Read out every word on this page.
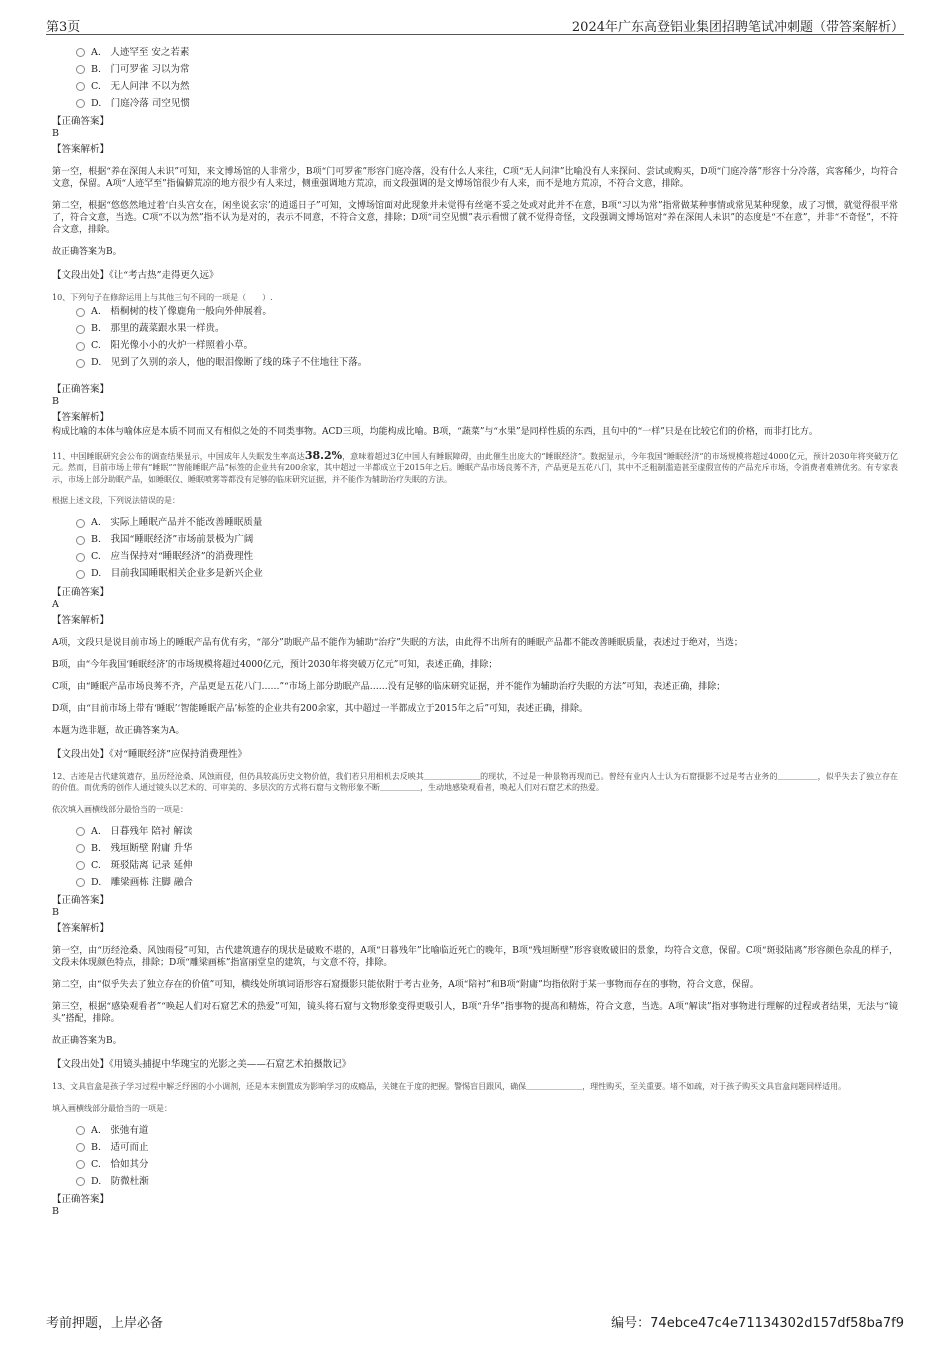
第3页	2024年广东高登铝业集团招聘笔试冲刺题（带答案解析）
A.　人迹罕至 安之若素
B.　门可罗雀 习以为常
C.　无人问津 不以为然
D.　门庭冷落 司空见惯
【正确答案】
B
【答案解析】

第一空，根据“养在深闺人未识”可知，来文博场馆的人非常少，B项“门可罗雀”形容门庭冷落，没有什么人来往，C项“无人问津”比喻没有人来探问、尝试或购买，D项“门庭冷落”形容十分冷落，宾客稀少，均符合文意，保留。A项“人迹罕至”指偏僻荒凉的地方很少有人来过，侧重强调地方荒凉，而文段强调的是文博场馆很少有人来，而不是地方荒凉，不符合文意，排除。

第二空，根据“悠悠然地过着‘白头宫女在，闲坐说玄宗’的逍遥日子”可知，文博场馆面对此现象并未觉得有丝毫不妥之处或对此并不在意，B项“习以为常”指常做某种事情或常见某种现象，成了习惯，就觉得很平常了，符合文意，当选。C项“不以为然”指不认为是对的，表示不同意，不符合文意，排除；D项“司空见惯”表示看惯了就不觉得奇怪，文段强调文博场馆对“养在深闺人未识”的态度是“不在意”，并非“不奇怪”，不符合文意，排除。

故正确答案为B。

【文段出处】《让“考古热”走得更久远》
10、下列句子在修辞运用上与其他三句不同的一项是（　　）.
A.　梧桐树的枝丫像鹿角一般向外伸展着。
B.　那里的蔬菜跟水果一样贵。
C.　阳光像小小的火炉一样照着小草。
D.　见到了久别的亲人，他的眼泪像断了线的珠子不住地往下落。
【正确答案】
B
【答案解析】

构成比喻的本体与喻体应是本质不同而又有相似之处的不同类事物。ACD三项，均能构成比喻。B项，“蔬菜”与“水果”是同样性质的东西，且句中的“一样”只是在比较它们的价格，而非打比方。

11、中国睡眠研究会公布的调查结果显示，中国成年人失眠发生率高达38.2%，意味着超过3亿中国人有睡眠障碍，由此催生出庞大的“睡眠经济”。数据显示，今年我国“睡眠经济”的市场规模将超过4000亿元，预计2030年将突破万亿元。然而，目前市场上带有“睡眠”“智能睡眠产品”标签的企业共有200余家，其中超过一半都成立于2015年之后。睡眠产品市场良莠不齐，产品更是五花八门，其中不乏粗制滥造甚至虚假宣传的产品充斥市场，令消费者难辨优劣。有专家表示，市场上部分助眠产品，如睡眠仪、睡眠喷雾等都没有足够的临床研究证据，并不能作为辅助治疗失眠的方法。
根据上述文段，下列说法错误的是：
A.　实际上睡眠产品并不能改善睡眠质量
B.　我国“睡眠经济”市场前景极为广阔
C.　应当保持对“睡眠经济”的消费理性
D.　目前我国睡眠相关企业多是新兴企业
【正确答案】
A
【答案解析】

A项，文段只是说目前市场上的睡眠产品有优有劣，“部分”助眠产品不能作为辅助“治疗”失眠的方法，由此得不出所有的睡眠产品都不能改善睡眠质量，表述过于绝对，当选；

B项，由“今年我国‘睡眠经济’的市场规模将超过4000亿元，预计2030年将突破万亿元”可知，表述正确，排除；

C项，由“睡眠产品市场良莠不齐，产品更是五花八门……”“市场上部分助眠产品……没有足够的临床研究证据，并不能作为辅助治疗失眠的方法”可知，表述正确，排除；

D项，由“目前市场上带有‘睡眠’‘智能睡眠产品’标签的企业共有200余家，其中超过一半都成立于2015年之后”可知，表述正确，排除。

本题为选非题，故正确答案为A。

【文段出处】《对“睡眠经济”应保持消费理性》
12、古迹是古代建筑遗存，虽历经沧桑、风蚀雨侵，但仍具较高历史文物价值，我们若只用相机去反映其＿＿＿＿＿＿＿的现状，不过是一种景物再现而已。曾经有业内人士认为石窟摄影不过是考古业务的＿＿＿＿＿，似乎失去了独立存在的价值。而优秀的创作人通过镜头以艺术的、可审美的、多层次的方式将石窟与文物形象不断＿＿＿＿＿，生动地感染观看者，唤起人们对石窟艺术的热爱。
依次填入画横线部分最恰当的一项是：
A.　日暮残年 陪衬 解读
B.　残垣断壁 附庸 升华
C.　斑驳陆离 记录 延伸
D.　雕梁画栋 注脚 融合
【正确答案】
B
【答案解析】

第一空，由“历经沧桑、风蚀雨侵”可知，古代建筑遗存的现状是破败不堪的，A项“日暮残年”比喻临近死亡的晚年，B项“残垣断壁”形容衰败破旧的景象，均符合文意，保留。C项“斑驳陆离”形容颜色杂乱的样子，文段未体现颜色特点，排除；D项“雕梁画栋”指富丽堂皇的建筑，与文意不符，排除。

第二空，由“似乎失去了独立存在的价值”可知，横线处所填词语形容石窟摄影只能依附于考古业务，A项“陪衬”和B项“附庸”均指依附于某一事物而存在的事物，符合文意，保留。

第三空，根据“感染观看者”“唤起人们对石窟艺术的热爱”可知，镜头将石窟与文物形象变得更吸引人，B项“升华”指事物的提高和精炼，符合文意，当选。A项“解读”指对事物进行理解的过程或者结果，无法与“镜头”搭配，排除。

故正确答案为B。

【文段出处】《用镜头捕捉中华瑰宝的光影之美——石窟艺术拍摄散记》
13、文具盲盒是孩子学习过程中解乏纾困的小小调剂，还是本末倒置成为影响学习的成瘾品，关键在于度的把握。警惕盲目跟风，确保＿＿＿＿＿＿＿，理性购买，至关重要。堵不如疏，对于孩子购买文具盲盒问题同样适用。
填入画横线部分最恰当的一项是：
A.　张弛有道
B.　适可而止
C.　恰如其分
D.　防微杜渐
【正确答案】
B
考前押题，上岸必备	编号：74ebce47c4e71134302d157df58ba7f9
